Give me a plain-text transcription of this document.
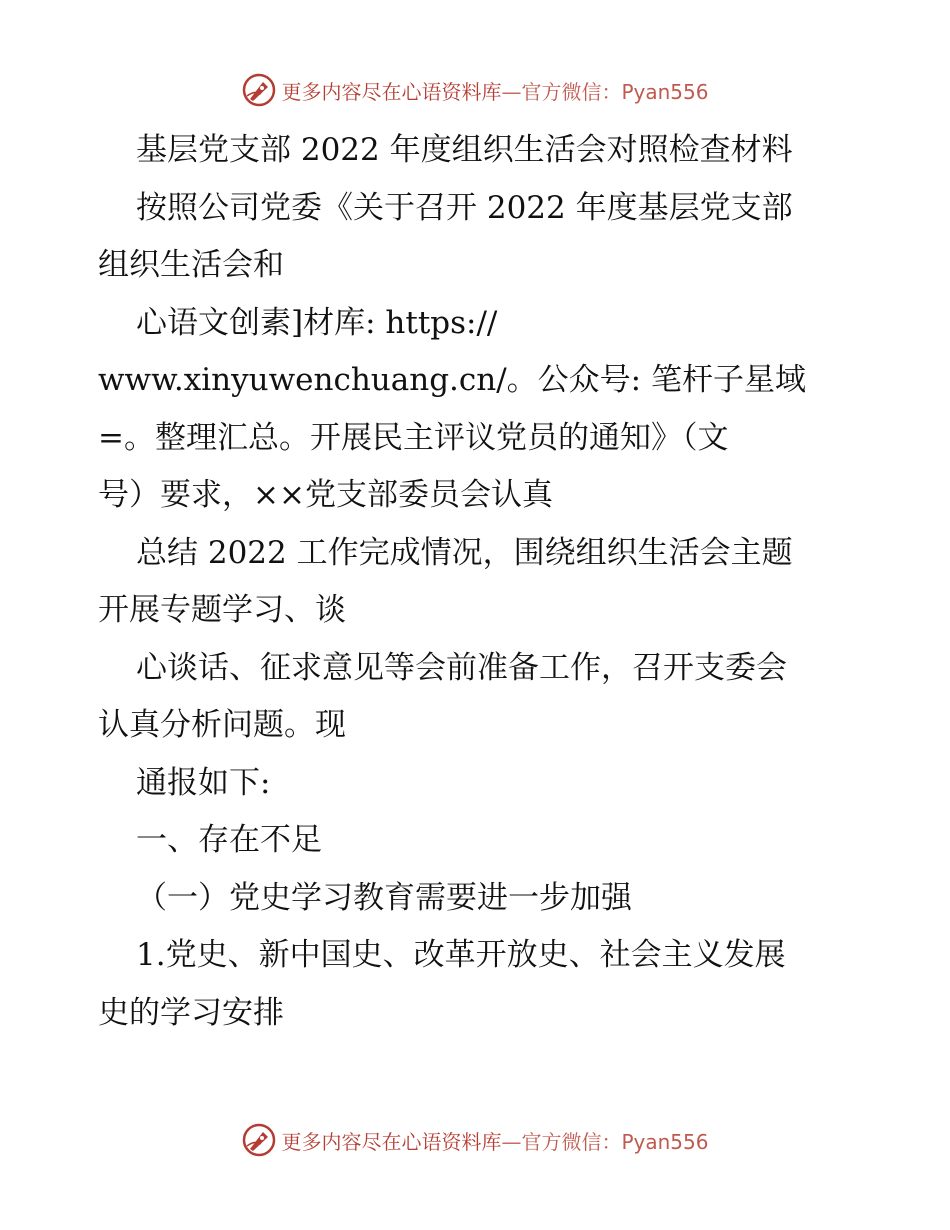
更多内容尽在心语资料库—官方微信：Pyan556
基层党支部 2022 年度组织生活会对照检查材料
按照公司党委《关于召开 2022 年度基层党支部
组织生活会和
心语文创素]材库: https://
www.xinyuwenchuang.cn/。公众号: 笔杆子星域
=。整理汇总。开展民主评议党员的通知》（文
号）要求，××党支部委员会认真
总结 2022 工作完成情况，围绕组织生活会主题
开展专题学习、谈
心谈话、征求意见等会前准备工作，召开支委会
认真分析问题。现
通报如下:
一、存在不足
（一）党史学习教育需要进一步加强
1.党史、新中国史、改革开放史、社会主义发展
史的学习安排
更多内容尽在心语资料库—官方微信：Pyan556
